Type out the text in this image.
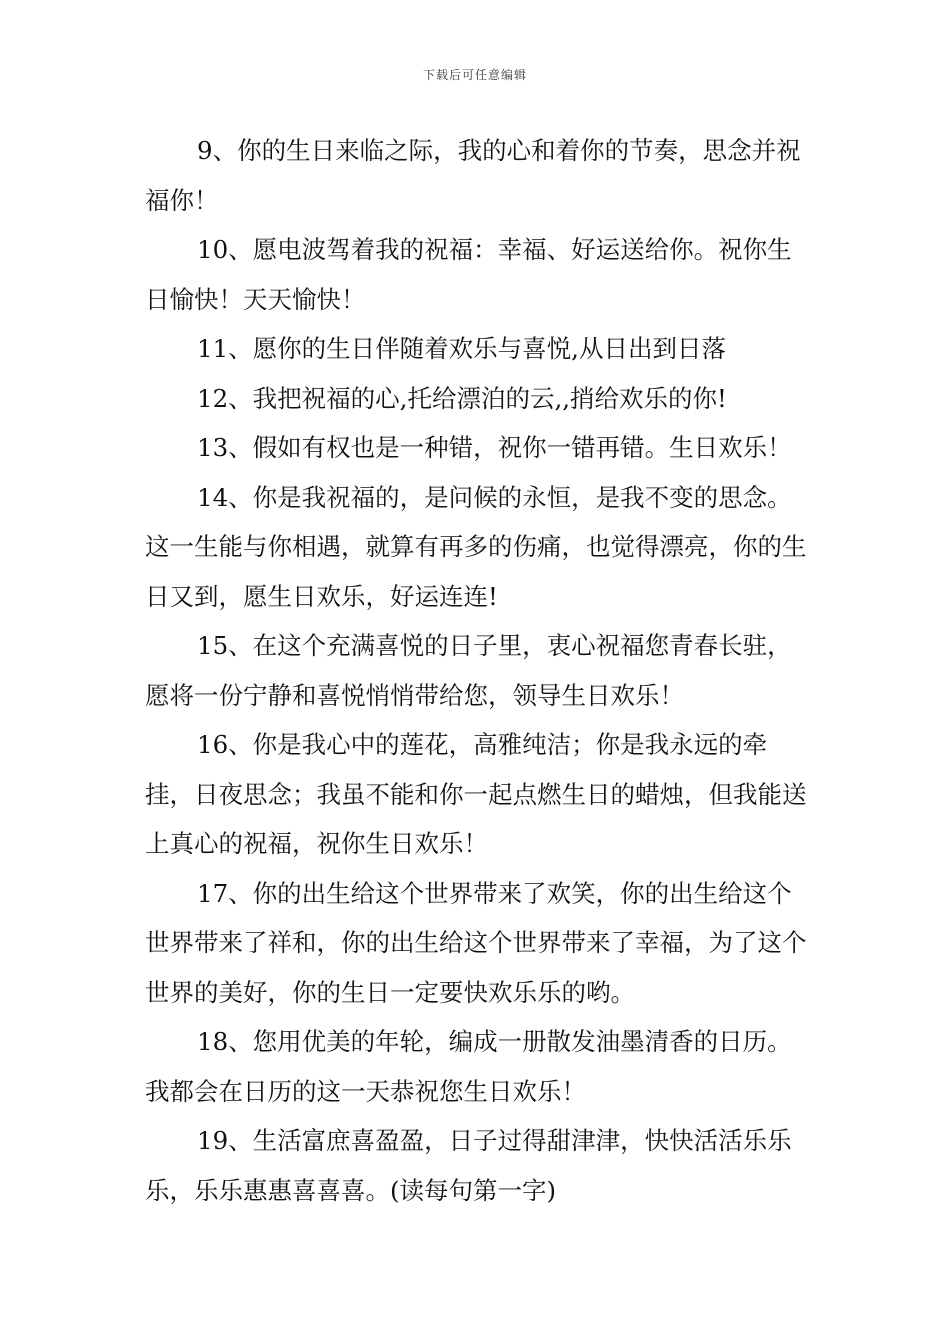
下载后可任意编辑

9、你的生日来临之际，我的心和着你的节奏，思念并祝福你！

10、愿电波驾着我的祝福：幸福、好运送给你。祝你生日愉快！天天愉快！

11、愿你的生日伴随着欢乐与喜悦,从日出到日落

12、我把祝福的心,托给漂泊的云,,捎给欢乐的你!

13、假如有权也是一种错，祝你一错再错。生日欢乐！

14、你是我祝福的，是问候的永恒，是我不变的思念。这一生能与你相遇，就算有再多的伤痛，也觉得漂亮，你的生日又到，愿生日欢乐，好运连连!

15、在这个充满喜悦的日子里，衷心祝福您青春长驻，愿将一份宁静和喜悦悄悄带给您，领导生日欢乐！

16、你是我心中的莲花，高雅纯洁；你是我永远的牵挂，日夜思念；我虽不能和你一起点燃生日的蜡烛，但我能送上真心的祝福，祝你生日欢乐！

17、你的出生给这个世界带来了欢笑，你的出生给这个世界带来了祥和，你的出生给这个世界带来了幸福，为了这个世界的美好，你的生日一定要快欢乐乐的哟。

18、您用优美的年轮，编成一册散发油墨清香的日历。我都会在日历的这一天恭祝您生日欢乐！

19、生活富庶喜盈盈，日子过得甜津津，快快活活乐乐乐，乐乐惠惠喜喜喜。(读每句第一字)
